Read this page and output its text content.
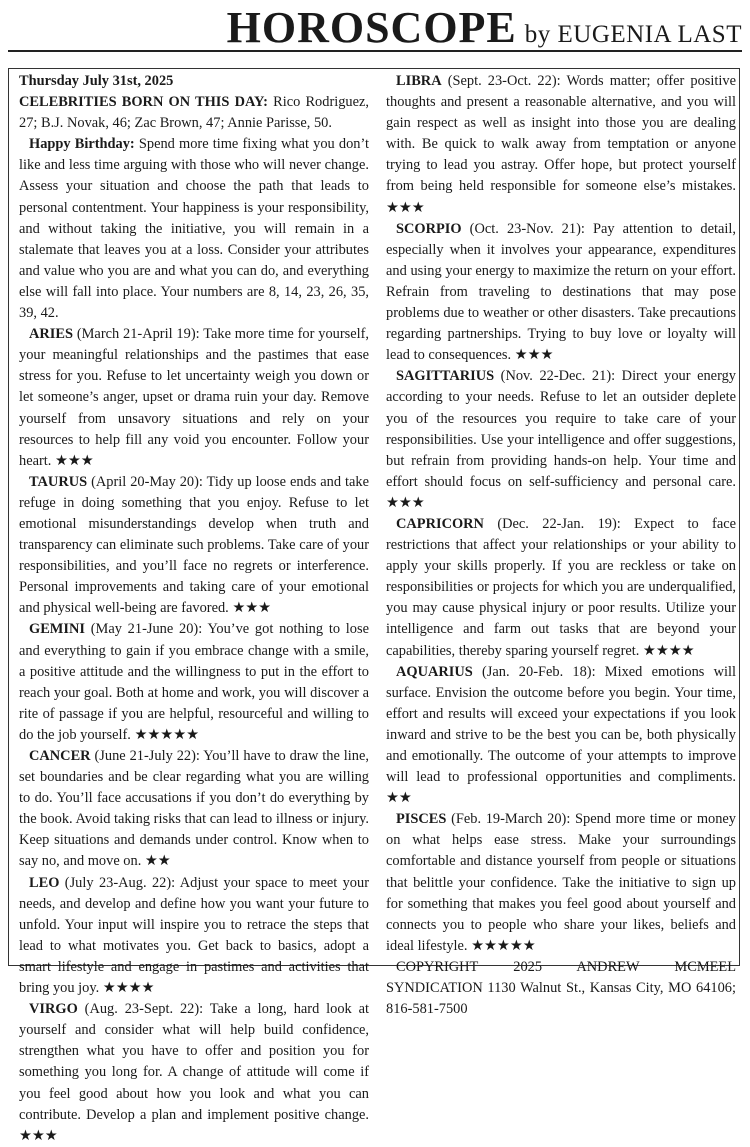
HOROSCOPE by EUGENIA LAST

Thursday July 31st, 2025

CELEBRITIES BORN ON THIS DAY: Rico Rodriguez, 27; B.J. Novak, 46; Zac Brown, 47; Annie Parisse, 50.

Happy Birthday: Spend more time fixing what you don’t like and less time arguing with those who will never change. Assess your situation and choose the path that leads to personal contentment. Your happiness is your responsibility, and without taking the initiative, you will remain in a stalemate that leaves you at a loss. Consider your attributes and value who you are and what you can do, and everything else will fall into place. Your numbers are 8, 14, 23, 26, 35, 39, 42.

ARIES (March 21-April 19): Take more time for yourself, your meaningful relationships and the pastimes that ease stress for you. Refuse to let uncertainty weigh you down or let someone’s anger, upset or drama ruin your day. Remove yourself from unsavory situations and rely on your resources to help fill any void you encounter. Follow your heart. ★★★

TAURUS (April 20-May 20): Tidy up loose ends and take refuge in doing something that you enjoy. Refuse to let emotional misunderstandings develop when truth and transparency can eliminate such problems. Take care of your responsibilities, and you’ll face no regrets or interference. Personal improvements and taking care of your emotional and physical well-being are favored. ★★★

GEMINI (May 21-June 20): You’ve got nothing to lose and everything to gain if you embrace change with a smile, a positive attitude and the willingness to put in the effort to reach your goal. Both at home and work, you will discover a rite of passage if you are helpful, resourceful and willing to do the job yourself. ★★★★★

CANCER (June 21-July 22): You’ll have to draw the line, set boundaries and be clear regarding what you are willing to do. You’ll face accusations if you don’t do everything by the book. Avoid taking risks that can lead to illness or injury. Keep situations and demands under control. Know when to say no, and move on. ★★

LEO (July 23-Aug. 22): Adjust your space to meet your needs, and develop and define how you want your future to unfold. Your input will inspire you to retrace the steps that lead to what motivates you. Get back to basics, adopt a smart lifestyle and engage in pastimes and activities that bring you joy. ★★★★

VIRGO (Aug. 23-Sept. 22): Take a long, hard look at yourself and consider what will help build confidence, strengthen what you have to offer and position you for something you long for. A change of attitude will come if you feel good about how you look and what you can contribute. Develop a plan and implement positive change. ★★★

LIBRA (Sept. 23-Oct. 22): Words matter; offer positive thoughts and present a reasonable alternative, and you will gain respect as well as insight into those you are dealing with. Be quick to walk away from temptation or anyone trying to lead you astray. Offer hope, but protect yourself from being held responsible for someone else’s mistakes. ★★★

SCORPIO (Oct. 23-Nov. 21): Pay attention to detail, especially when it involves your appearance, expenditures and using your energy to maximize the return on your effort. Refrain from traveling to destinations that may pose problems due to weather or other disasters. Take precautions regarding partnerships. Trying to buy love or loyalty will lead to consequences. ★★★

SAGITTARIUS (Nov. 22-Dec. 21): Direct your energy according to your needs. Refuse to let an outsider deplete you of the resources you require to take care of your responsibilities. Use your intelligence and offer suggestions, but refrain from providing hands-on help. Your time and effort should focus on self-sufficiency and personal care. ★★★

CAPRICORN (Dec. 22-Jan. 19): Expect to face restrictions that affect your relationships or your ability to apply your skills properly. If you are reckless or take on responsibilities or projects for which you are underqualified, you may cause physical injury or poor results. Utilize your intelligence and farm out tasks that are beyond your capabilities, thereby sparing yourself regret. ★★★★

AQUARIUS (Jan. 20-Feb. 18): Mixed emotions will surface. Envision the outcome before you begin. Your time, effort and results will exceed your expectations if you look inward and strive to be the best you can be, both physically and emotionally. The outcome of your attempts to improve will lead to professional opportunities and compliments. ★★

PISCES (Feb. 19-March 20): Spend more time or money on what helps ease stress. Make your surroundings comfortable and distance yourself from people or situations that belittle your confidence. Take the initiative to sign up for something that makes you feel good about yourself and connects you to people who share your likes, beliefs and ideal lifestyle. ★★★★★

COPYRIGHT 2025 ANDREW MCMEEL SYNDICATION 1130 Walnut St., Kansas City, MO 64106; 816-581-7500
